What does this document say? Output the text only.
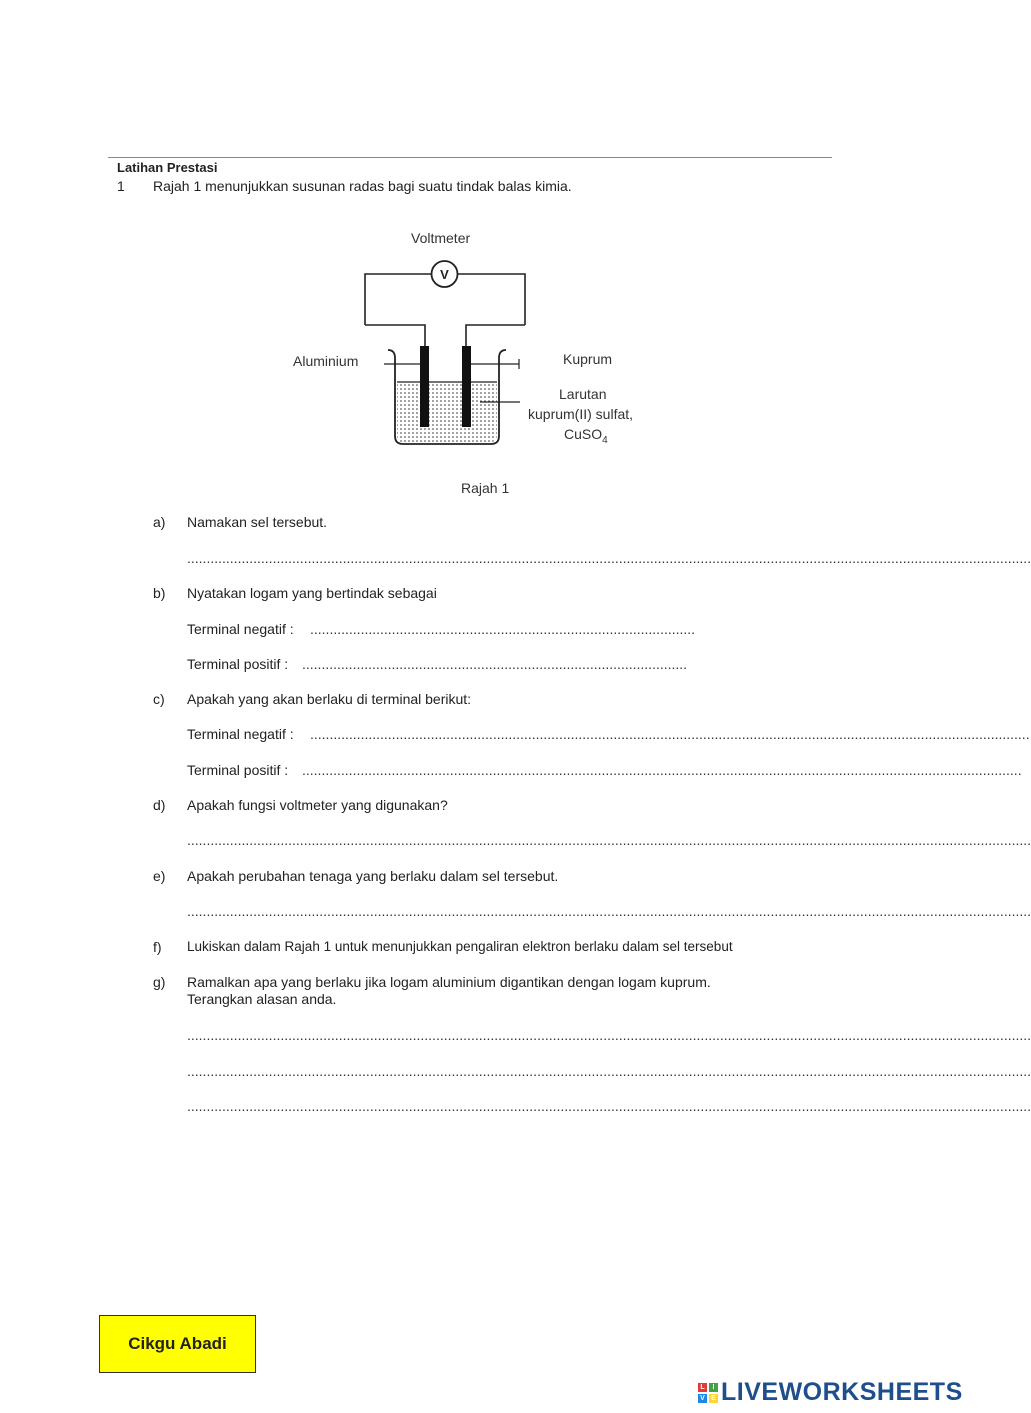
Latihan Prestasi
1 Rajah 1 menunjukkan susunan radas bagi suatu tindak balas kimia.
Voltmeter
Aluminium	Kuprum
Larutan
kuprum(II) sulfat,
CuSO$_4$
V
Rajah 1
a) Namakan sel tersebut.
.........................................................................................................................................................................................................................
b) Nyatakan logam yang bertindak sebagai
Terminal negatif : ...................................................................................................
Terminal positif : ...................................................................................................
c) Apakah yang akan berlaku di terminal berikut:
Terminal negatif : .........................................................................................................................................................................................
Terminal positif : .........................................................................................................................................................................................
d) Apakah fungsi voltmeter yang digunakan?
.........................................................................................................................................................................................................................
e) Apakah perubahan tenaga yang berlaku dalam sel tersebut.
.........................................................................................................................................................................................................................
f) Lukiskan dalam Rajah 1 untuk menunjukkan pengaliran elektron berlaku dalam sel tersebut
g) Ramalkan apa yang berlaku jika logam aluminium digantikan dengan logam kuprum.
Terangkan alasan anda.
.........................................................................................................................................................................................................................
.........................................................................................................................................................................................................................
.........................................................................................................................................................................................................................
Cikgu Abadi
L	I
V E LIVEWORKSHEETS
